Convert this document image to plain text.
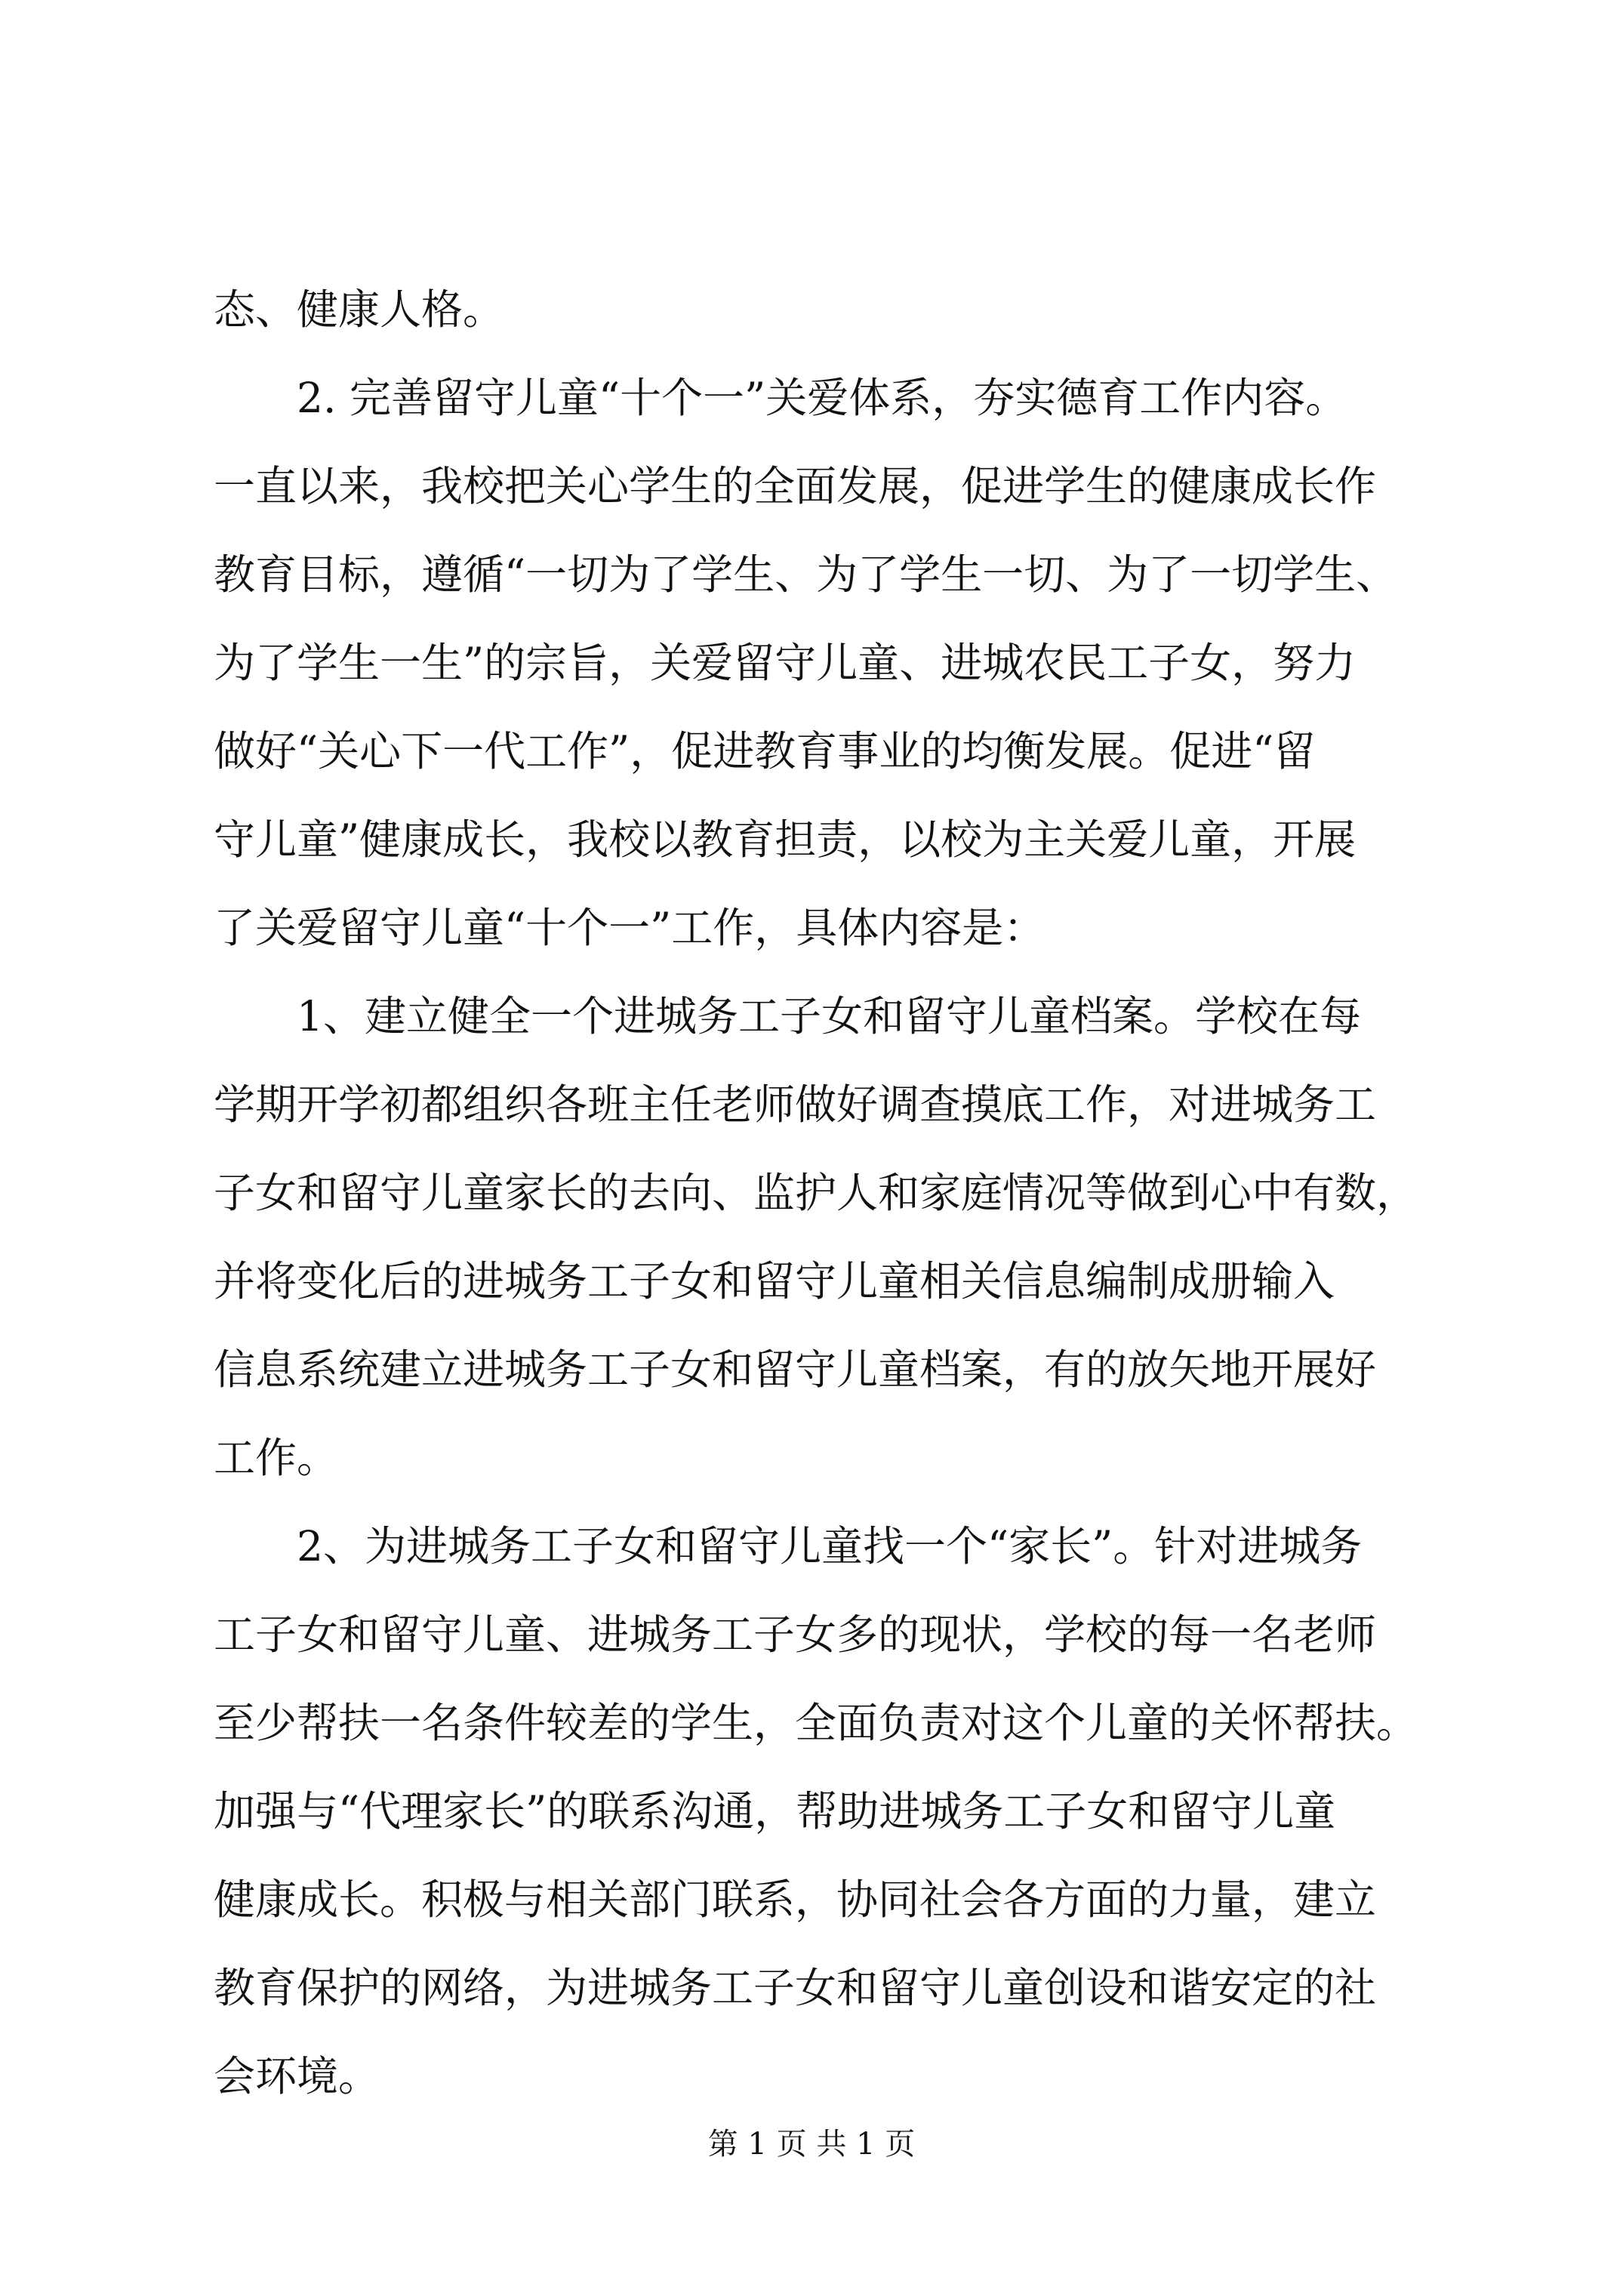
态、健康人格。
　　2. 完善留守儿童“十个一”关爱体系，夯实德育工作内容。
一直以来，我校把关心学生的全面发展，促进学生的健康成长作
教育目标，遵循“一切为了学生、为了学生一切、为了一切学生、
为了学生一生”的宗旨，关爱留守儿童、进城农民工子女，努力
做好“关心下一代工作”，促进教育事业的均衡发展。促进“留
守儿童”健康成长，我校以教育担责，以校为主关爱儿童，开展
了关爱留守儿童“十个一”工作，具体内容是：
　　1、建立健全一个进城务工子女和留守儿童档案。学校在每
学期开学初都组织各班主任老师做好调查摸底工作，对进城务工
子女和留守儿童家长的去向、监护人和家庭情况等做到心中有数，
并将变化后的进城务工子女和留守儿童相关信息编制成册输入
信息系统建立进城务工子女和留守儿童档案，有的放矢地开展好
工作。
　　2、为进城务工子女和留守儿童找一个“家长”。针对进城务
工子女和留守儿童、进城务工子女多的现状，学校的每一名老师
至少帮扶一名条件较差的学生，全面负责对这个儿童的关怀帮扶。
加强与“代理家长”的联系沟通，帮助进城务工子女和留守儿童
健康成长。积极与相关部门联系，协同社会各方面的力量，建立
教育保护的网络，为进城务工子女和留守儿童创设和谐安定的社
会环境。
第 1 页 共 1 页
